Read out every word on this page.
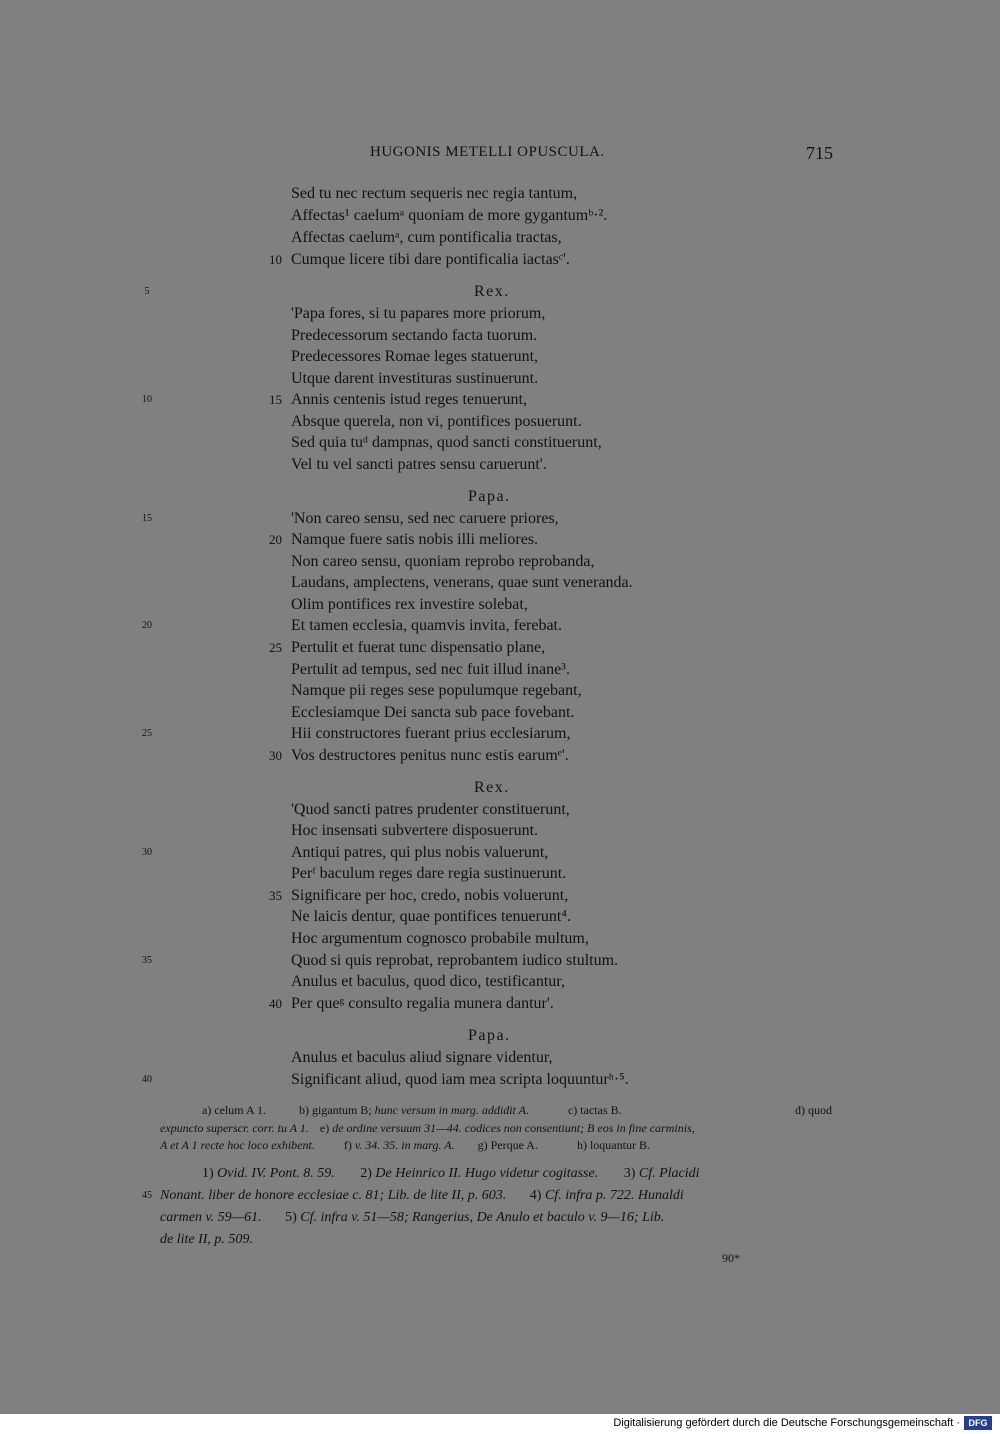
HUGONIS METELLI OPUSCULA.	715
Sed tu nec rectum sequeris nec regia tantum,
Affectas¹ caelumᵃ quoniam de more gygantumᵇ·².
Affectas caelumᵃ, cum pontificalia tractas,
Cumque licere tibi dare pontificalia iactasᶜ'.
10
Rex.
5
'Papa fores, si tu papares more priorum,
Predecessorum sectando facta tuorum.
Predecessores Romae leges statuerunt,
Utque darent investituras sustinuerunt.
Annis centenis istud reges tenuerunt,
15
10
Absque querela, non vi, pontifices posuerunt.
Sed quia tuᵈ dampnas, quod sancti constituerunt,
Vel tu vel sancti patres sensu caruerunt'.
Papa.
'Non careo sensu, sed nec caruere priores,
15
Namque fuere satis nobis illi meliores.
20
Non careo sensu, quoniam reprobo reprobanda,
Laudans, amplectens, venerans, quae sunt veneranda.
Olim pontifices rex investire solebat,
Et tamen ecclesia, quamvis invita, ferebat.
20
Pertulit et fuerat tunc dispensatio plane,
25
Pertulit ad tempus, sed nec fuit illud inane³.
Namque pii reges sese populumque regebant,
Ecclesiamque Dei sancta sub pace fovebant.
Hii constructores fuerant prius ecclesiarum,
25
Vos destructores penitus nunc estis earumᵉ'.
30
Rex.
'Quod sancti patres prudenter constituerunt,
Hoc insensati subvertere disposuerunt.
Antiqui patres, qui plus nobis valuerunt,
30
Perᶠ baculum reges dare regia sustinuerunt.
Significare per hoc, credo, nobis voluerunt,
35
Ne laicis dentur, quae pontifices tenuerunt⁴.
Hoc argumentum cognosco probabile multum,
Quod si quis reprobat, reprobantem iudico stultum.
35
Anulus et baculus, quod dico, testificantur,
Per queᵍ consulto regalia munera dantur'.
40
Papa.
Anulus et baculus aliud signare videntur,
Significant aliud, quod iam mea scripta loquunturʰ·⁵.
40
a) celum A 1.	b) gigantum B; hunc versum in marg. addidit A.	c) tactas B.	d) quod
expuncto superscr. corr. tu A 1. e) de ordine versuum 31—44. codices non consentiunt; B eos in fine carminis,
A et A 1 recte hoc loco exhibent. f) v. 34. 35. in marg. A. g) Perque A.	h) loquantur B.
1) Ovid. IV. Pont. 8. 59. 2) De Heinrico II. Hugo videtur cogitasse. 3) Cf. Placidi
45 Nonant. liber de honore ecclesiae c. 81; Lib. de lite II, p. 603. 4) Cf. infra p. 722. Hunaldi
carmen v. 59—61. 5) Cf. infra v. 51—58; Rangerius, De Anulo et baculo v. 9—16; Lib.
de lite II, p. 509.
90*
Digitalisierung gefördert durch die Deutsche Forschungsgemeinschaft · DFG
